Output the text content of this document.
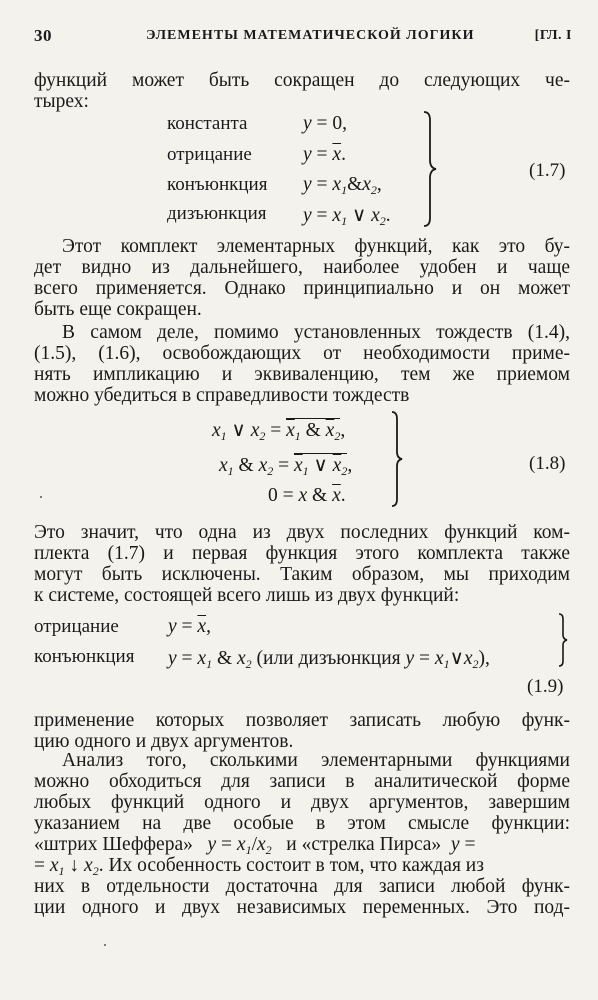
30	ЭЛЕМЕНТЫ МАТЕМАТИЧЕСКОЙ ЛОГИКИ	[ГЛ. I
функций может быть сокращен до следующих че-
тырех:
константа	y = 0,
отрицание	$y = \overline{x}$.
конъюнкция $y = x_1\&x_2$,
дизъюнкция $y = x_1$ ∨ $x_2$.
(1.7)
Этот комплект элементарных функций, как это бу-
дет видно из дальнейшего, наиболее удобен и чаще
всего применяется. Однако принципиально и он может
быть еще сокращен.
В самом деле, помимо установленных тождеств (1.4),
(1.5), (1.6), освобождающих от необходимости приме-
нять импликацию и эквиваленцию, тем же приемом
можно убедиться в справедливости тождеств
$x_1$ ∨ $x_2 = \overline{x}_1$ & $\overline{x}_2$,
$x_1$ & $x_2 = \overline{x}_1$ ∨ $\overline{x}_2$,
0 = x & $\overline{x}$.
(1.8)
Это значит, что одна из двух последних функций ком-
плекта (1.7) и первая функция этого комплекта также
могут быть исключены. Таким образом, мы приходим
к системе, состоящей всего лишь из двух функций:
отрицание	$y = \overline{x}$,
конъюнкция $y = x_1$ & $x_2$ (или дизъюнкция $y = x_1\vee x_2$),
(1.9)
применение которых позволяет записать любую функ-
цию одного и двух аргументов.
Анализ того, сколькими элементарными функциями
можно обходиться для записи в аналитической форме
любых функций одного и двух аргументов, завершим
указанием на две особые в этом смысле функции:
«штрих Шеффера» $y = x_1/x_2$ и «стрелка Пирса» y =
= $x_1$ ↓ $x_2$. Их особенность состоит в том, что каждая из
них в отдельности достаточна для записи любой функ-
ции одного и двух независимых переменных. Это под-
